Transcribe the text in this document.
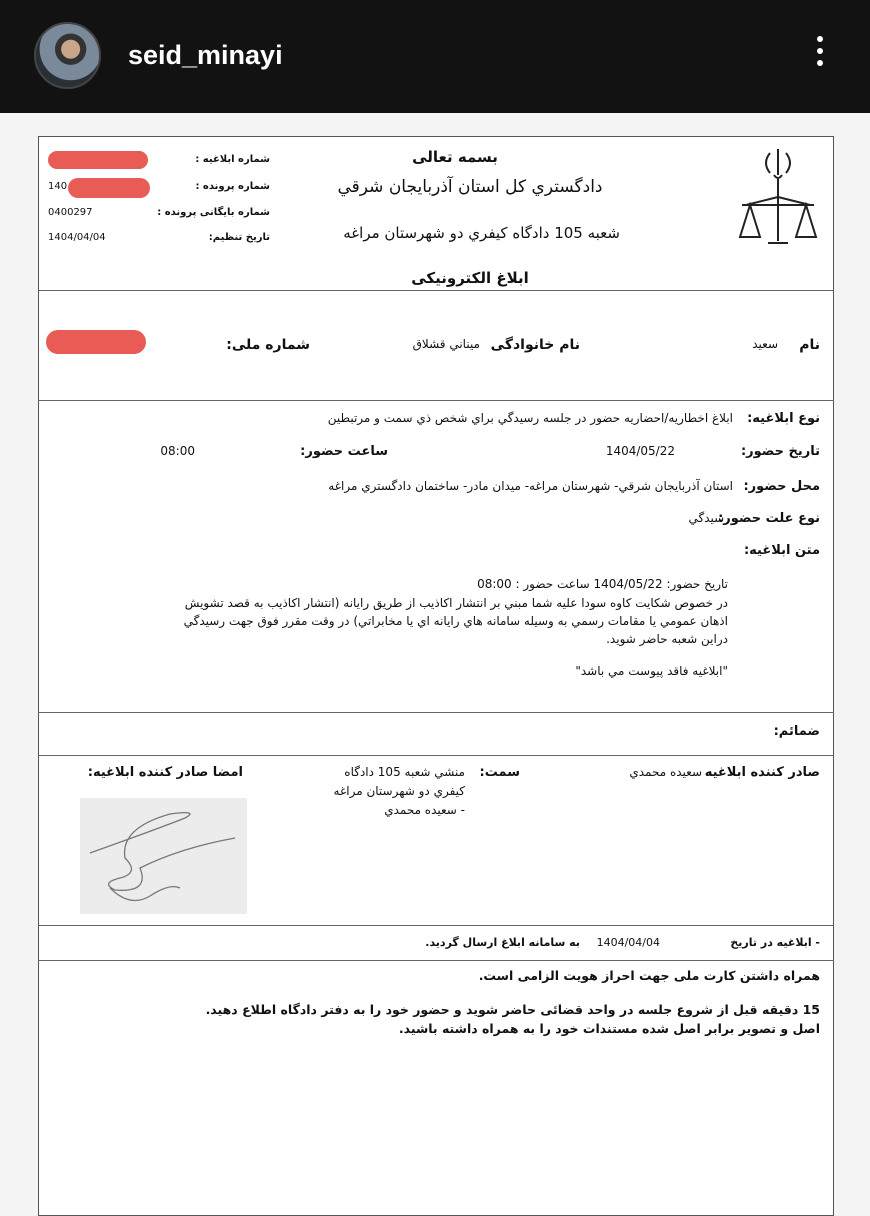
seid_minayi
بسمه تعالی
دادگستري کل استان آذربايجان شرقي
شعبه 105 دادگاه کيفري دو شهرستان مراغه
ابلاغ الکترونيکی
شماره ابلاغيه :
شماره پرونده :
140
شماره بایگانی پرونده :
0400297
تاريخ تنظيم:
1404/04/04
نام
سعيد
نام خانوادگی
ميناني قشلاق
شماره ملی:
نوع ابلاغيه:
ابلاغ اخطاريه/احضاريه حضور در جلسه رسيدگي براي شخص ذي سمت و مرتبطين
تاريخ حضور:
1404/05/22
ساعت حضور:
08:00
محل حضور:
استان آذربايجان شرقي- شهرستان مراغه- ميدان مادر- ساختمان دادگستري مراغه
نوع علت حضور:
رسيدگي
متن ابلاغيه:
تاريخ حضور: 1404/05/22 ساعت حضور : 08:00
در خصوص شکايت کاوه سودا عليه شما مبني بر انتشار اکاذيب از طريق رايانه (انتشار اکاذيب به قصد تشويش
اذهان عمومي يا مقامات رسمي به وسيله سامانه هاي رايانه اي يا مخابراتي) در وقت مقرر فوق جهت رسيدگي
دراين شعبه حاضر شويد.
"ابلاغيه فاقد پيوست مي باشد"
ضمائم:
صادر کننده ابلاغيه
سعيده محمدي
سمت:
منشي شعبه 105 دادگاه
کيفري دو شهرستان مراغه
- سعيده محمدي
امضا صادر کننده ابلاغيه:
- ابلاغيه در تاريخ
1404/04/04
به سامانه ابلاغ ارسال گرديد.
همراه داشتن کارت ملی جهت احراز هويت الزامی است.
15 دقيقه قبل از شروع جلسه در واحد قضائی حاضر شويد و حضور خود را به دفتر دادگاه اطلاع دهيد.
اصل و تصوير برابر اصل شده مستندات خود را به همراه داشته باشيد.
